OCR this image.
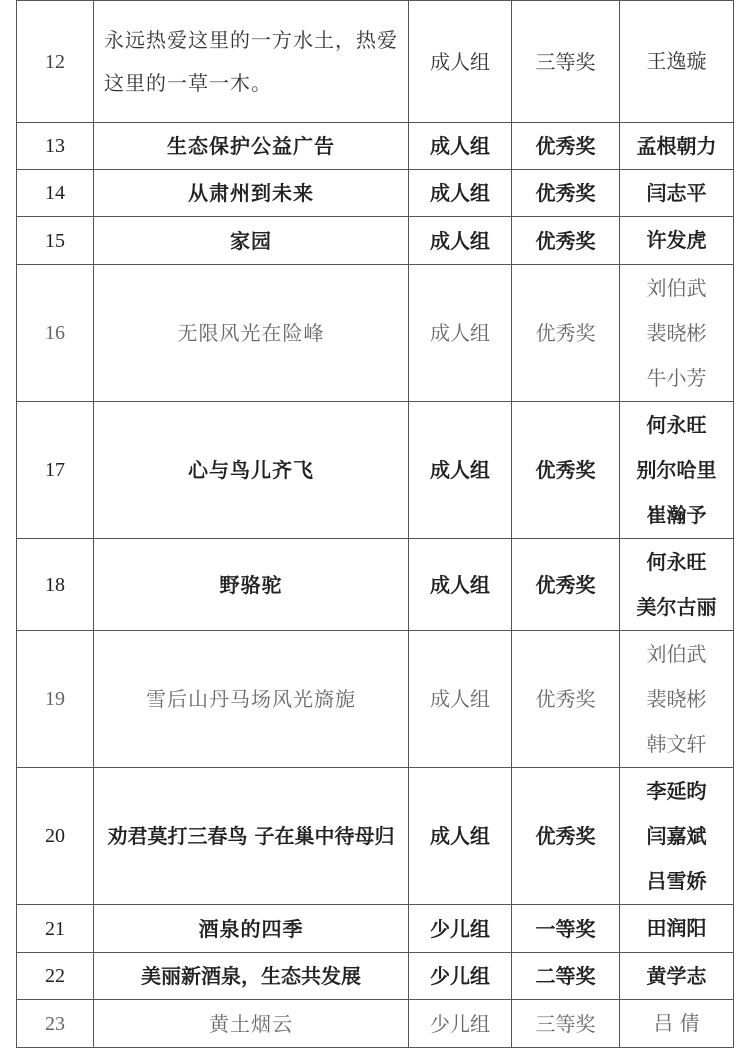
12	永远热爱这里的一方水土，热爱这里的一草一木。	成人组	三等奖	王逸璇

13	生态保护公益广告	成人组	优秀奖	孟根朝力

14	从肃州到未来	成人组	优秀奖	闫志平

15	家园	成人组	优秀奖	许发虎

16	无限风光在险峰	成人组	优秀奖	刘伯武
裴晓彬
牛小芳

17	心与鸟儿齐飞	成人组	优秀奖	何永旺
别尔哈里
崔瀚予

18	野骆驼	成人组	优秀奖	何永旺
美尔古丽

19	雪后山丹马场风光旖旎	成人组	优秀奖	刘伯武
裴晓彬
韩文轩

20	劝君莫打三春鸟 子在巢中待母归	成人组	优秀奖	李延昀
闫嘉斌
吕雪娇

21	酒泉的四季	少儿组	一等奖	田润阳

22	美丽新酒泉，生态共发展	少儿组	二等奖	黄学志

23	黄土烟云	少儿组	三等奖	吕 倩
